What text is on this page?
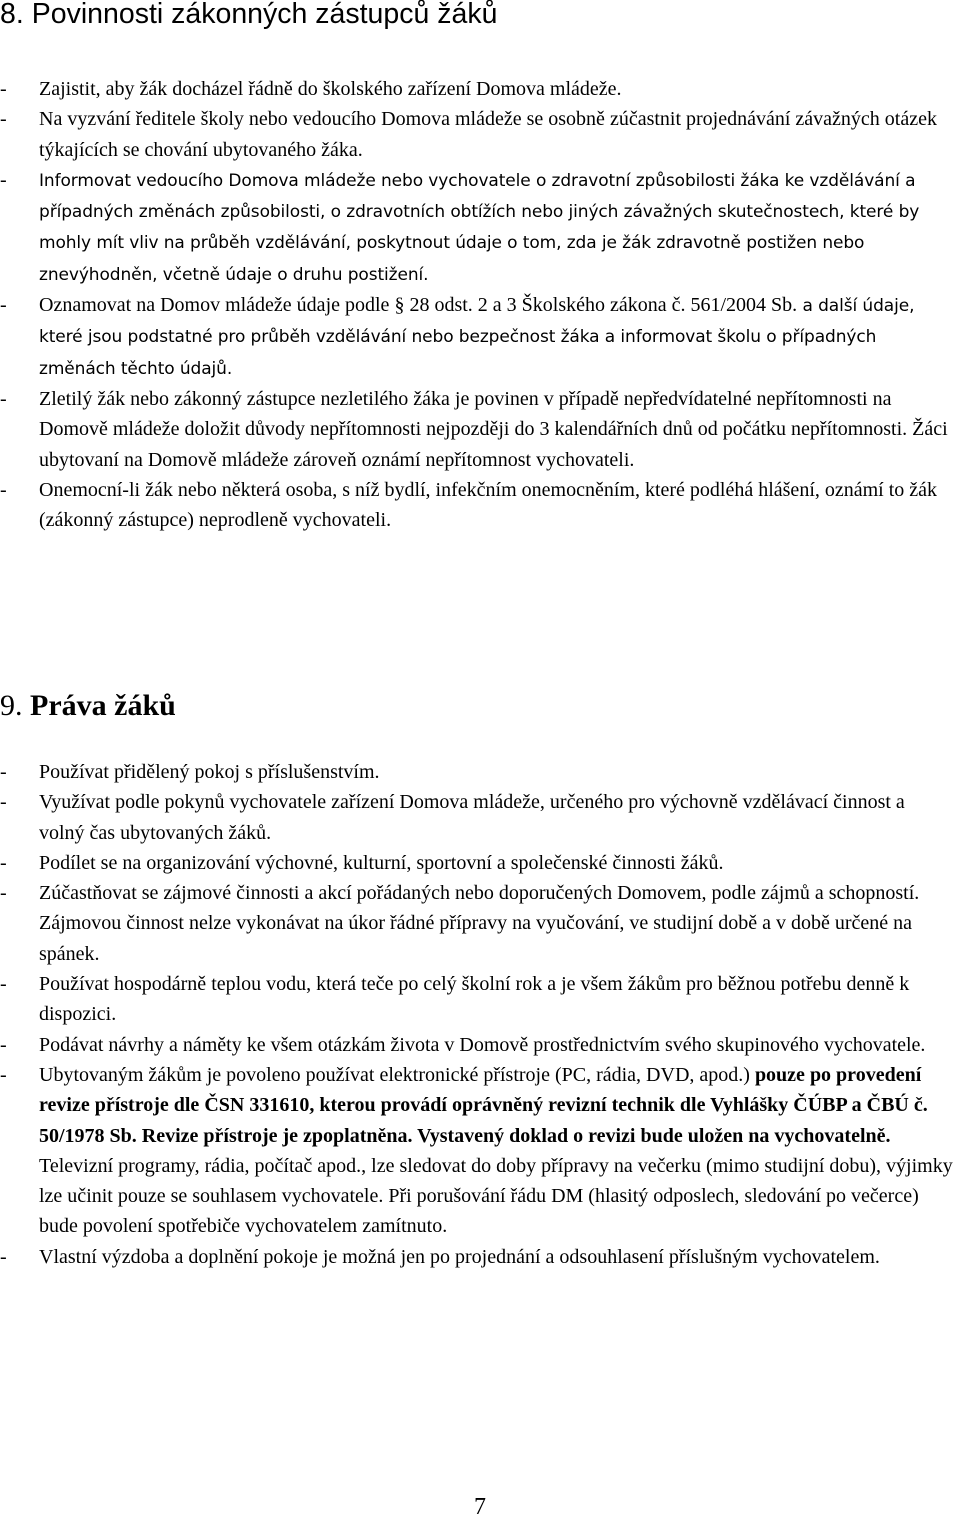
8. Povinnosti zákonných zástupců žáků
- Zajistit, aby žák docházel řádně do školského zařízení Domova mládeže.
- Na vyzvání ředitele školy nebo vedoucího Domova mládeže se osobně zúčastnit projednávání závažných otázek týkajících se chování ubytovaného žáka.
- Informovat vedoucího Domova mládeže nebo vychovatele o zdravotní způsobilosti žáka ke vzdělávání a případných změnách způsobilosti, o zdravotních obtížích nebo jiných závažných skutečnostech, které by mohly mít vliv na průběh vzdělávání, poskytnout údaje o tom, zda je žák zdravotně postižen nebo znevýhodněn, včetně údaje o druhu postižení.
- Oznamovat na Domov mládeže údaje podle § 28 odst. 2 a 3 Školského zákona č. 561/2004 Sb. a další údaje, které jsou podstatné pro průběh vzdělávání nebo bezpečnost žáka a informovat školu o případných změnách těchto údajů.
- Zletilý žák nebo zákonný zástupce nezletilého žáka je povinen v případě nepředvídatelné nepřítomnosti na Domově mládeže doložit důvody nepřítomnosti nejpozději do 3 kalendářních dnů od počátku nepřítomnosti. Žáci ubytovaní na Domově mládeže zároveň oznámí nepřítomnost vychovateli.
- Onemocní-li žák nebo některá osoba, s níž bydlí, infekčním onemocněním, které podléhá hlášení, oznámí to žák (zákonný zástupce) neprodleně vychovateli.
9. Práva žáků
- Používat přidělený pokoj s příslušenstvím.
- Využívat podle pokynů vychovatele zařízení Domova mládeže, určeného pro výchovně vzdělávací činnost a volný čas ubytovaných žáků.
- Podílet se na organizování výchovné, kulturní, sportovní a společenské činnosti žáků.
- Zúčastňovat se zájmové činnosti a akcí pořádaných nebo doporučených Domovem, podle zájmů a schopností. Zájmovou činnost nelze vykonávat na úkor řádné přípravy na vyučování, ve studijní době a v době určené na spánek.
- Používat hospodárně teplou vodu, která teče po celý školní rok a je všem žákům pro běžnou potřebu denně k dispozici.
- Podávat návrhy a náměty ke všem otázkám života v Domově prostřednictvím svého skupinového vychovatele.
- Ubytovaným žákům je povoleno používat elektronické přístroje (PC, rádia, DVD, apod.) pouze po provedení revize přístroje dle ČSN 331610, kterou provádí oprávněný revizní technik dle Vyhlášky ČÚBP a ČBÚ č. 50/1978 Sb. Revize přístroje je zpoplatněna. Vystavený doklad o revizi bude uložen na vychovatelně. Televizní programy, rádia, počítač apod., lze sledovat do doby přípravy na večerku (mimo studijní dobu), výjimky lze učinit pouze se souhlasem vychovatele. Při porušování řádu DM (hlasitý odposlech, sledování po večerce) bude povolení spotřebiče vychovatelem zamítnuto.
- Vlastní výzdoba a doplnění pokoje je možná jen po projednání a odsouhlasení příslušným vychovatelem.
7
